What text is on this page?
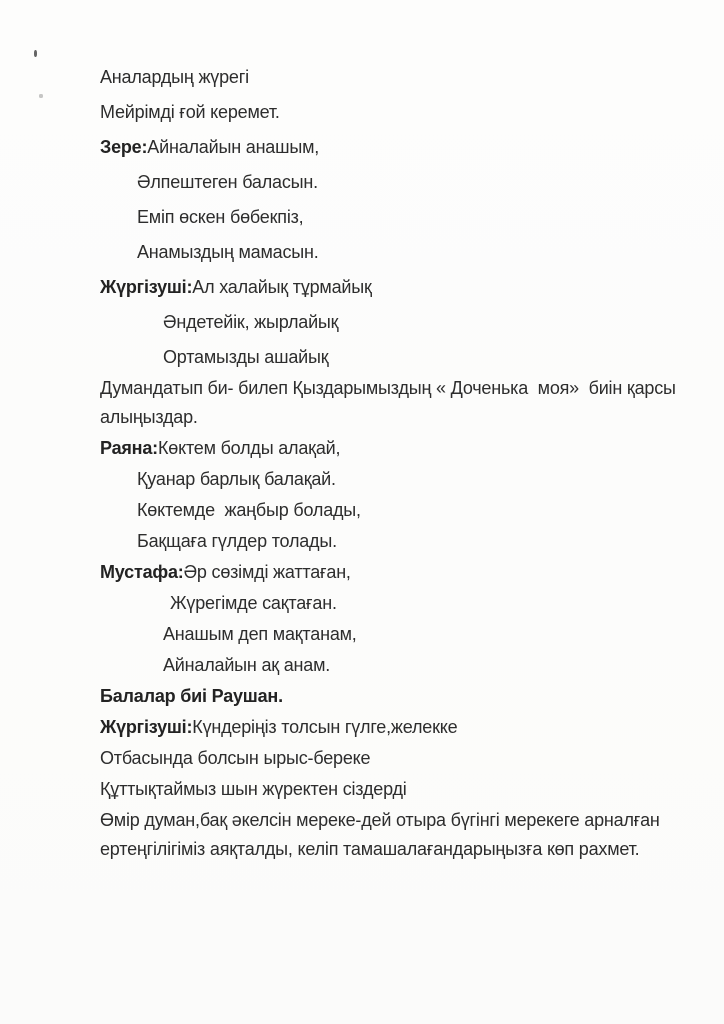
Аналардың жүрегі
Мейрімді ғой керемет.
Зере:Айналайын анашым,
Әлпештеген баласын.
Еміп өскен бөбекпіз,
Анамыздың мамасын.
Жүргізуші:Ал халайық тұрмайық
Әндетейік, жырлайық
Ортамызды ашайық
Думандатып би- билеп Қыздарымыздың « Доченька  моя»  биін қарсы
алыңыздар.
Раяна:Көктем болды алақай,
Қуанар барлық балақай.
Көктемде  жаңбыр болады,
Бақщаға гүлдер толады.
Мустафа:Әр сөзімді жаттаған,
Жүрегімде сақтаған.
Анашым деп мақтанам,
Айналайын ақ анам.
Балалар биі Раушан.
Жүргізуші:Күндеріңіз толсын гүлге,желекке
Отбасында болсын ырыс-береке
Құттықтаймыз шын жүректен сіздерді
Өмір думан,бақ әкелсін мереке-дей отыра бүгінгі мерекеге арналған
ертеңгілігіміз аяқталды, келіп тамашалағандарыңызға көп рахмет.
